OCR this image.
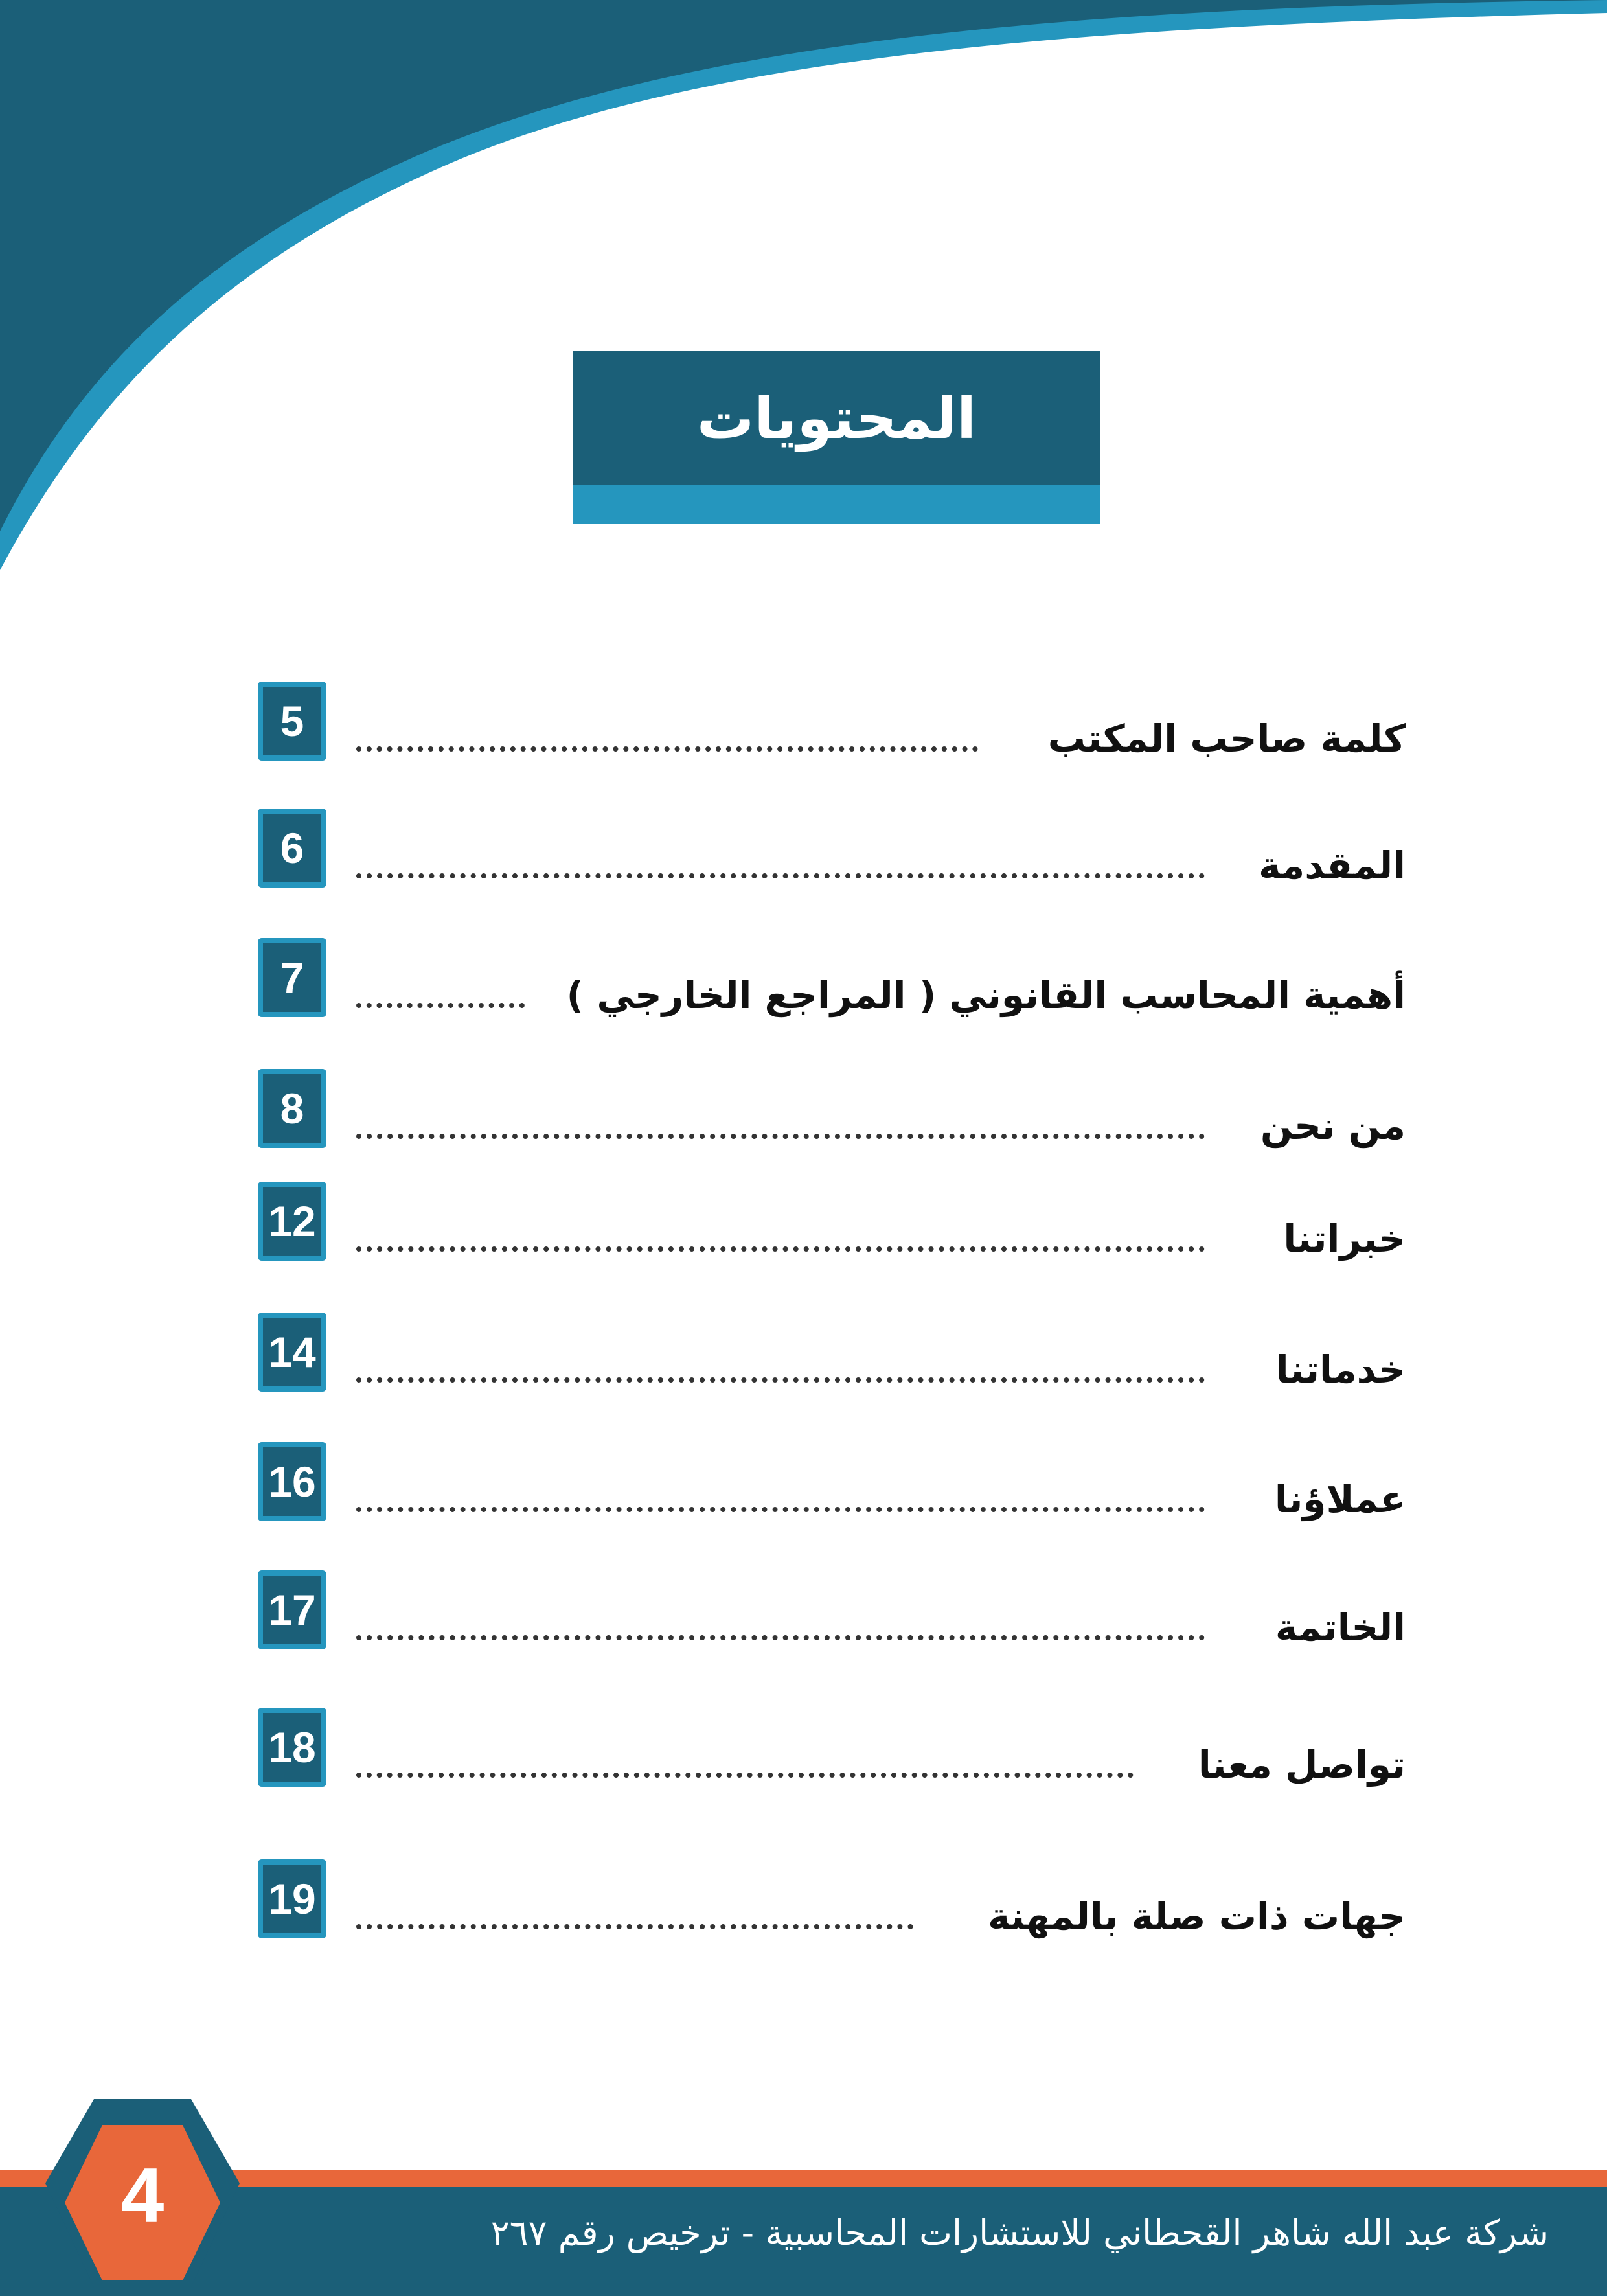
المحتويات
5	كلمة صاحب المكتب
6	المقدمة
7	أهمية المحاسب القانوني ( المراجع الخارجي )
8	من نحن
12	خبراتنا
14	خدماتنا
16	عملاؤنا
17	الخاتمة
18	تواصل معنا
19	جهات ذات صلة بالمهنة
شركة عبد الله شاهر القحطاني للاستشارات المحاسبية - ترخيص رقم ٢٦٧
4
